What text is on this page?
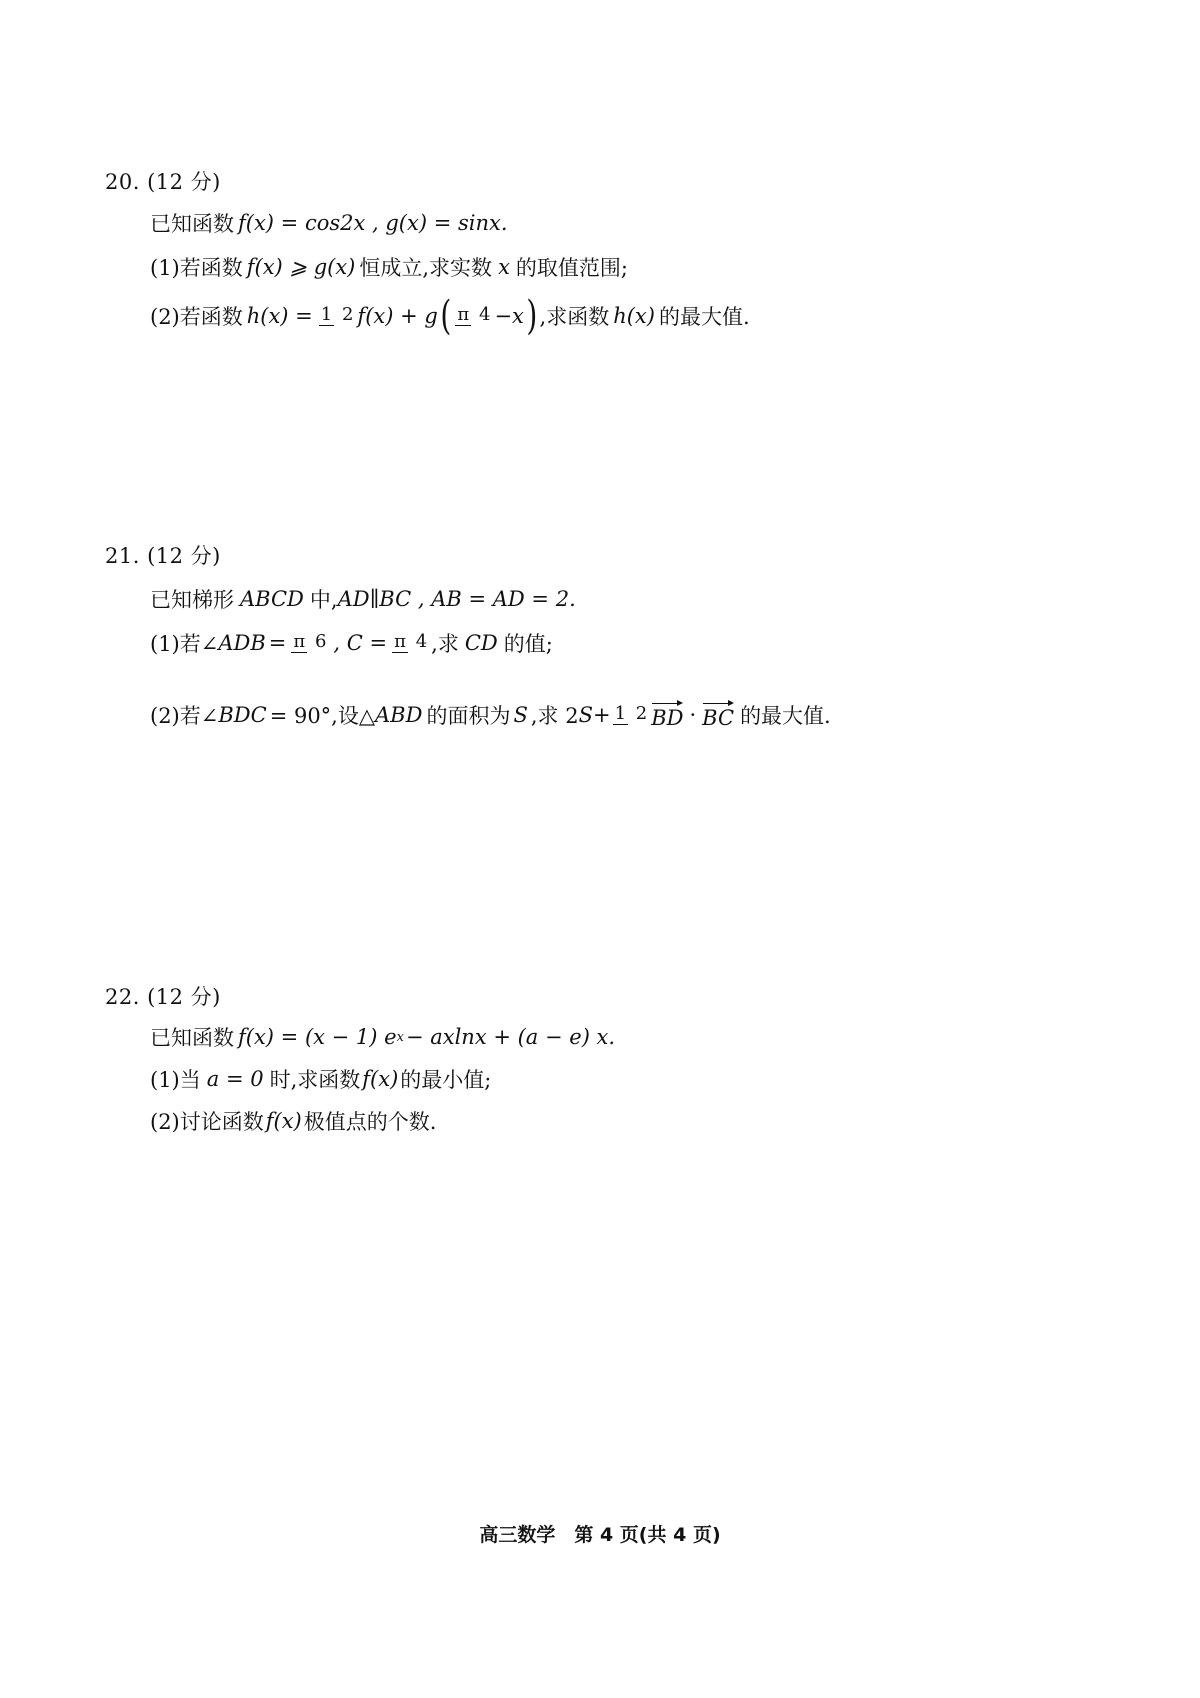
20. (12 分)
已知函数 f(x) = cos2x , g(x) = sinx.
(1)若函数 f(x) ⩾ g(x) 恒成立,求实数 x 的取值范围;
(2)若函数 h(x) = 1 2 f(x) + g ( π 4 −x ) ,求函数 h(x) 的最大值.
21. (12 分)
已知梯形 ABCD 中, AD∥BC , AB = AD = 2.
(1)若∠ ADB = π 6 , C = π 4 ,求 CD 的值;
(2)若∠ BDC = 90°,设△ ABD 的面积为 S ,求 2 S + 1 2 BD · BC 的最大值.
22. (12 分)
已知函数 f(x) = (x − 1) e x − axlnx + (a − e) x.
(1)当 a = 0 时,求函数 f(x) 的最小值;
(2)讨论函数 f(x) 极值点的个数.
高三数学　第 4 页(共 4 页)
